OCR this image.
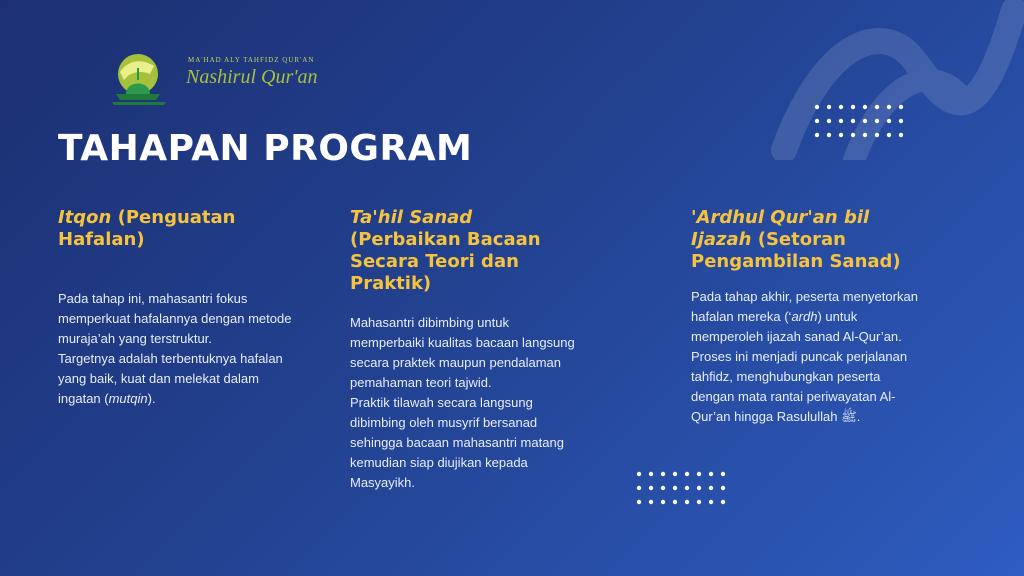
MA'HAD ALY TAHFIDZ QUR'AN
Nashirul Qur'an
TAHAPAN PROGRAM
Itqon (Penguatan Hafalan)

Pada tahap ini, mahasantri fokus memperkuat hafalannya dengan metode muraja’ah yang terstruktur.
Targetnya adalah terbentuknya hafalan yang baik, kuat dan melekat dalam ingatan (mutqin).

Ta'hil Sanad (Perbaikan Bacaan Secara Teori dan Praktik)

Mahasantri dibimbing untuk memperbaiki kualitas bacaan langsung secara praktek maupun pendalaman pemahaman teori tajwid.
Praktik tilawah secara langsung dibimbing oleh musyrif bersanad sehingga bacaan mahasantri matang kemudian siap diujikan kepada Masyayikh.

'Ardhul Qur'an bil Ijazah (Setoran Pengambilan Sanad)

Pada tahap akhir, peserta menyetorkan hafalan mereka (‘ardh) untuk memperoleh ijazah sanad Al-Qur’an.
Proses ini menjadi puncak perjalanan tahfidz, menghubungkan peserta dengan mata rantai periwayatan Al-Qur’an hingga Rasulullah ﷺ.
